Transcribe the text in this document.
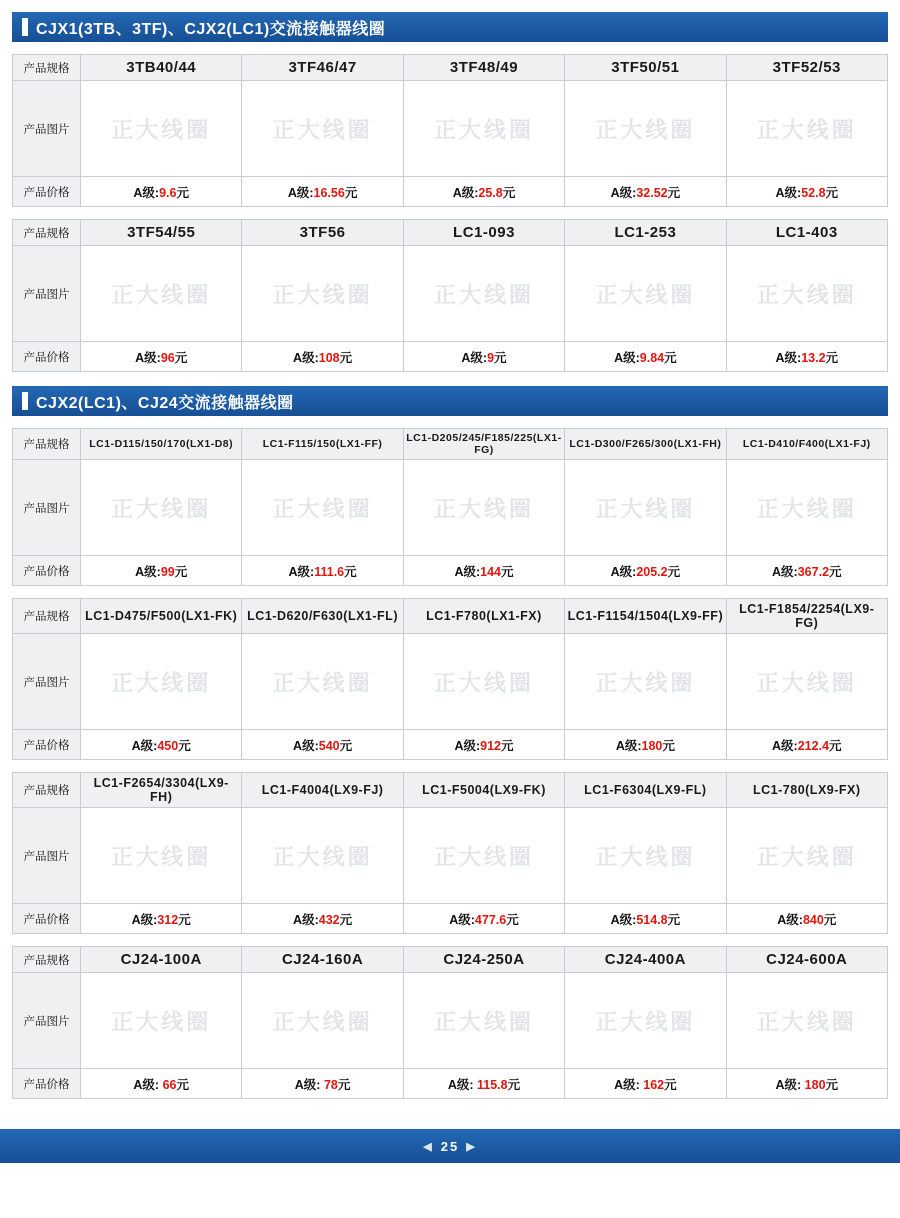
CJX1(3TB、3TF)、CJX2(LC1)交流接触器线圈
产品规格	3TB40/44	3TF46/47	3TF48/49	3TF50/51	3TF52/53
产品图片	正大线圈	正大线圈	正大线圈	正大线圈	正大线圈

产品价格	A级:9.6元	A级:16.56元	A级:25.8元	A级:32.52元	A级:52.8元
产品规格	3TF54/55	3TF56	LC1-093	LC1-253	LC1-403
产品图片	正大线圈	正大线圈	正大线圈	正大线圈	正大线圈

产品价格	A级:96元	A级:108元	A级:9元	A级:9.84元	A级:13.2元
CJX2(LC1)、CJ24交流接触器线圈
产品规格	LC1-D115/150/170(LX1-D8)	LC1-F115/150(LX1-FF)	LC1-D205/245/F185/225(LX1-FG)	LC1-D300/F265/300(LX1-FH)	LC1-D410/F400(LX1-FJ)
产品图片	正大线圈	正大线圈	正大线圈	正大线圈	正大线圈

产品价格	A级:99元	A级:111.6元	A级:144元	A级:205.2元	A级:367.2元
产品规格	LC1-D475/F500(LX1-FK)	LC1-D620/F630(LX1-FL)	LC1-F780(LX1-FX)	LC1-F1154/1504(LX9-FF)	LC1-F1854/2254(LX9-FG)
产品图片	正大线圈	正大线圈	正大线圈	正大线圈	正大线圈

产品价格	A级:450元	A级:540元	A级:912元	A级:180元	A级:212.4元
产品规格	LC1-F2654/3304(LX9-FH)	LC1-F4004(LX9-FJ)	LC1-F5004(LX9-FK)	LC1-F6304(LX9-FL)	LC1-780(LX9-FX)
产品图片	正大线圈	正大线圈	正大线圈	正大线圈	正大线圈

产品价格	A级:312元	A级:432元	A级:477.6元	A级:514.8元	A级:840元
产品规格	CJ24-100A	CJ24-160A	CJ24-250A	CJ24-400A	CJ24-600A
产品图片	正大线圈	正大线圈	正大线圈	正大线圈	正大线圈

产品价格	A级: 66元	A级: 78元	A级: 115.8元	A级: 162元	A级: 180元
◀ 25 ▶
